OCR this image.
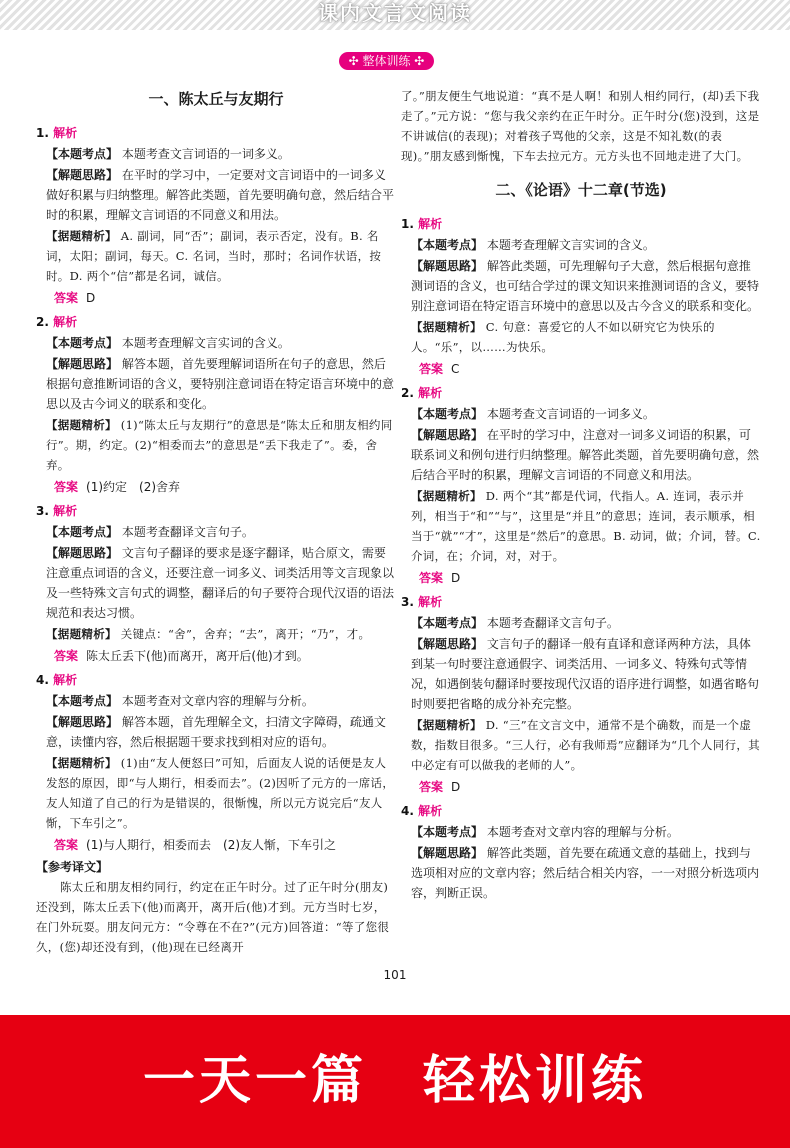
课内文言文阅读
✣ 整体训练 ✣
一、陈太丘与友期行
1. 解析
【本题考点】 本题考查文言词语的一词多义。
【解题思路】 在平时的学习中，一定要对文言词语中的一词多义做好积累与归纳整理。解答此类题，首先要明确句意，然后结合平时的积累，理解文言词语的不同意义和用法。
【据题精析】 A. 副词，同“否”；副词，表示否定，没有。B. 名词，太阳；副词，每天。C. 名词，当时，那时；名词作状语，按时。D. 两个“信”都是名词，诚信。
答案 D
2. 解析
【本题考点】 本题考查理解文言实词的含义。
【解题思路】 解答本题，首先要理解词语所在句子的意思，然后根据句意推断词语的含义，要特别注意词语在特定语言环境中的意思以及古今词义的联系和变化。
【据题精析】 (1)“陈太丘与友期行”的意思是“陈太丘和朋友相约同行”。期，约定。(2)“相委而去”的意思是“丢下我走了”。委，舍弃。
答案 (1)约定　(2)舍弃
3. 解析
【本题考点】 本题考查翻译文言句子。
【解题思路】 文言句子翻译的要求是逐字翻译，贴合原文，需要注意重点词语的含义，还要注意一词多义、词类活用等文言现象以及一些特殊文言句式的调整，翻译后的句子要符合现代汉语的语法规范和表达习惯。
【据题精析】 关键点：“舍”，舍弃；“去”，离开；“乃”，才。
答案 陈太丘丢下(他)而离开，离开后(他)才到。
4. 解析
【本题考点】 本题考查对文章内容的理解与分析。
【解题思路】 解答本题，首先理解全文，扫清文字障碍，疏通文意，读懂内容，然后根据题干要求找到相对应的语句。
【据题精析】 (1)由“友人便怒曰”可知，后面友人说的话便是友人发怒的原因，即“与人期行，相委而去”。(2)因听了元方的一席话，友人知道了自己的行为是错误的，很惭愧，所以元方说完后“友人惭，下车引之”。
答案 (1)与人期行，相委而去　(2)友人惭，下车引之
【参考译文】
陈太丘和朋友相约同行，约定在正午时分。过了正午时分(朋友)还没到，陈太丘丢下(他)而离开，离开后(他)才到。元方当时七岁，在门外玩耍。朋友问元方：“令尊在不在?”(元方)回答道：“等了您很久，(您)却还没有到，(他)现在已经离开
了。”朋友便生气地说道：“真不是人啊！和别人相约同行，(却)丢下我走了。”元方说：“您与我父亲约在正午时分。正午时分(您)没到，这是不讲诚信(的表现)；对着孩子骂他的父亲，这是不知礼数(的表现)。”朋友感到惭愧，下车去拉元方。元方头也不回地走进了大门。
二、《论语》十二章(节选)
1. 解析
【本题考点】 本题考查理解文言实词的含义。
【解题思路】 解答此类题，可先理解句子大意，然后根据句意推测词语的含义，也可结合学过的课文知识来推测词语的含义，要特别注意词语在特定语言环境中的意思以及古今含义的联系和变化。
【据题精析】 C. 句意：喜爱它的人不如以研究它为快乐的人。“乐”，以……为快乐。
答案 C
2. 解析
【本题考点】 本题考查文言词语的一词多义。
【解题思路】 在平时的学习中，注意对一词多义词语的积累，可联系词义和例句进行归纳整理。解答此类题，首先要明确句意，然后结合平时的积累，理解文言词语的不同意义和用法。
【据题精析】 D. 两个“其”都是代词，代指人。A. 连词，表示并列，相当于“和”“与”，这里是“并且”的意思；连词，表示顺承，相当于“就”“才”，这里是“然后”的意思。B. 动词，做；介词，替。C. 介词，在；介词，对，对于。
答案 D
3. 解析
【本题考点】 本题考查翻译文言句子。
【解题思路】 文言句子的翻译一般有直译和意译两种方法，具体到某一句时要注意通假字、词类活用、一词多义、特殊句式等情况，如遇倒装句翻译时要按现代汉语的语序进行调整，如遇省略句时则要把省略的成分补充完整。
【据题精析】 D. “三”在文言文中，通常不是个确数，而是一个虚数，指数目很多。“三人行，必有我师焉”应翻译为“几个人同行，其中必定有可以做我的老师的人”。
答案 D
4. 解析
【本题考点】 本题考查对文章内容的理解与分析。
【解题思路】 解答此类题，首先要在疏通文意的基础上，找到与选项相对应的文章内容；然后结合相关内容，一一对照分析选项内容，判断正误。
101
一天一篇　轻松训练
